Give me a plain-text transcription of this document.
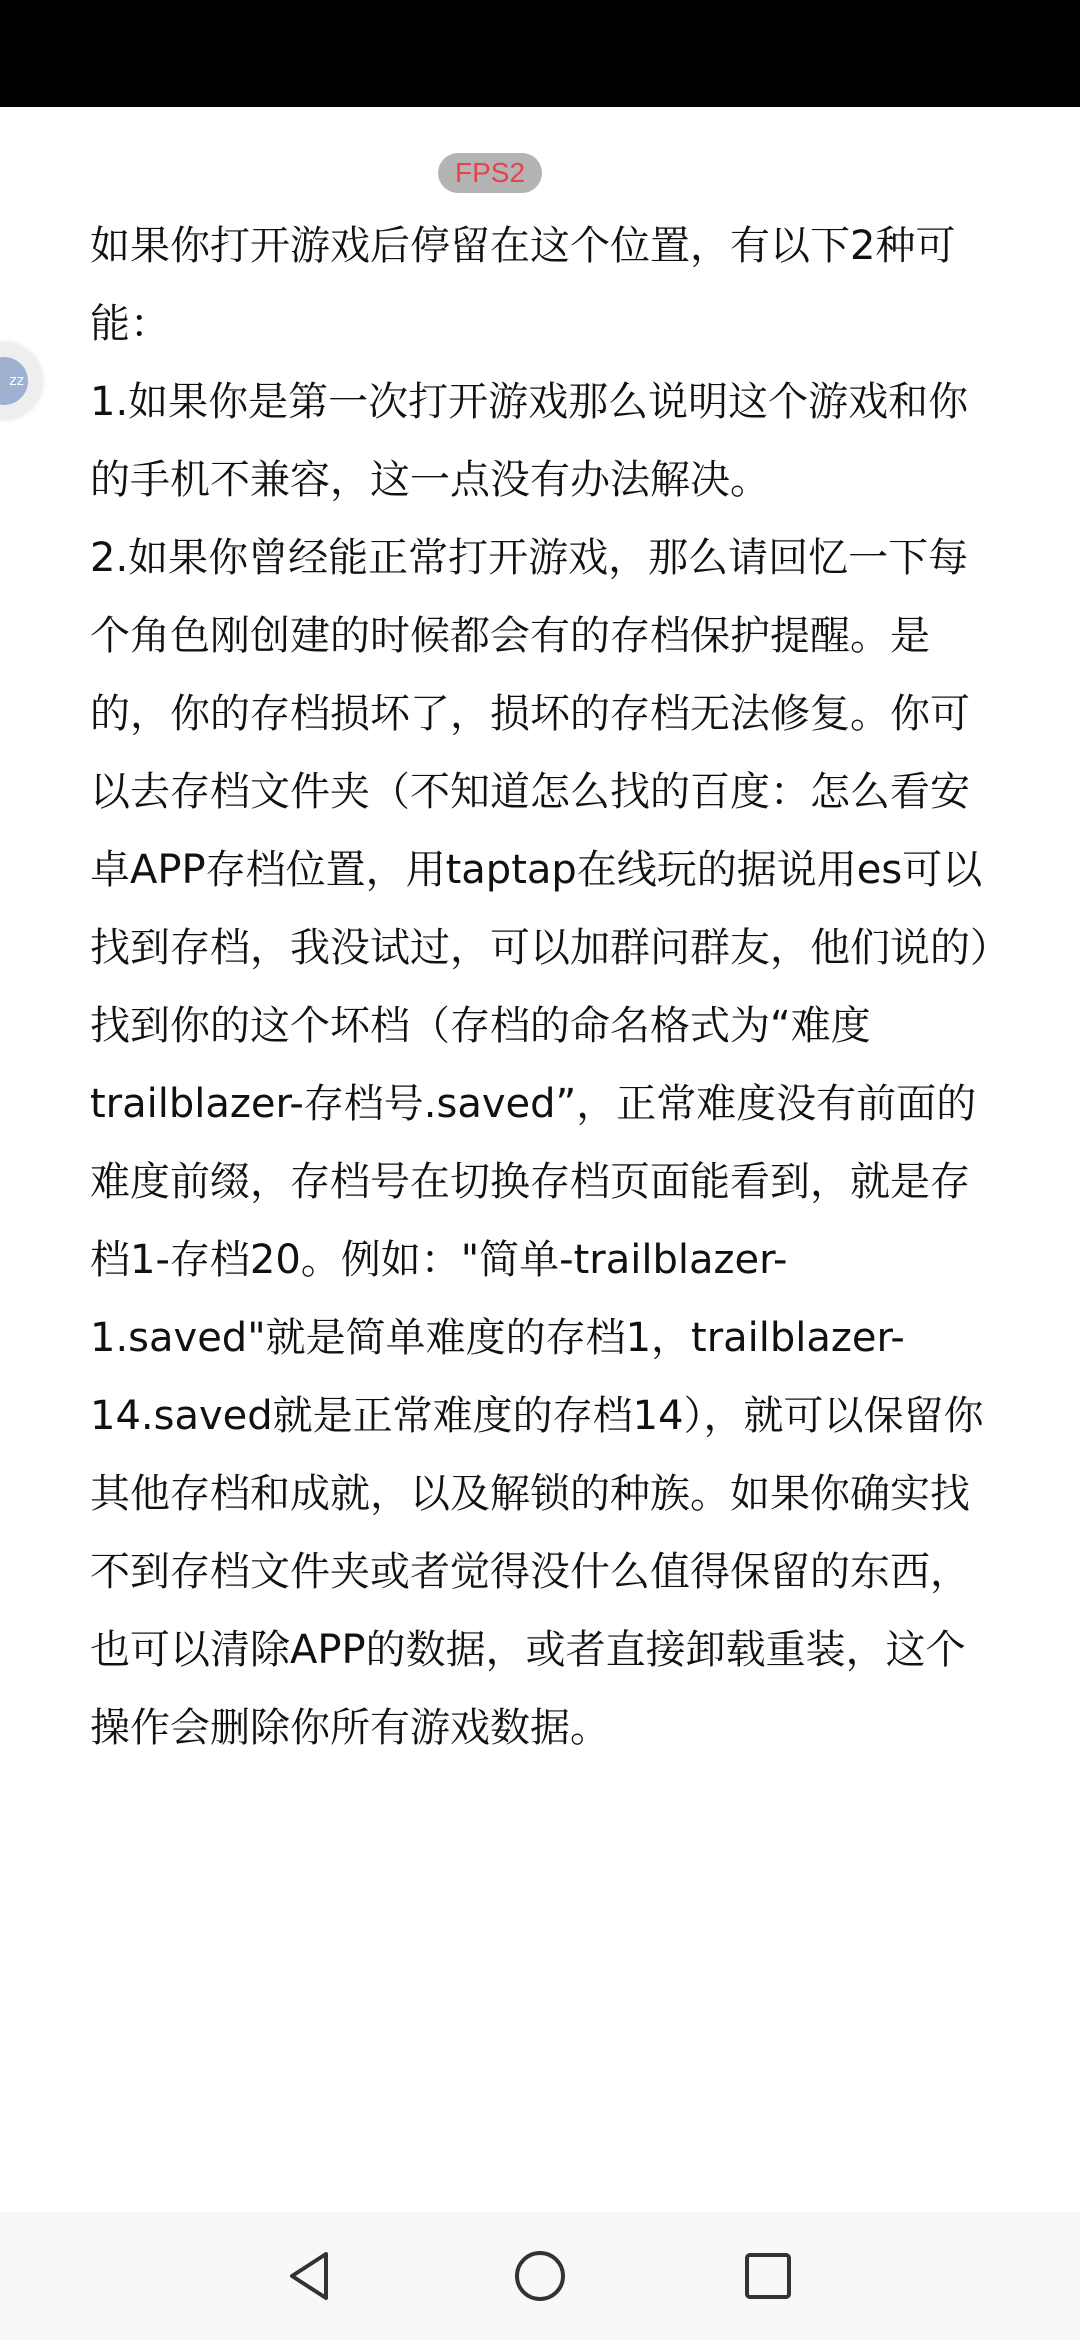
FPS2
zz

如果你打开游戏后停留在这个位置，有以下2种可能：

1.如果你是第一次打开游戏那么说明这个游戏和你的手机不兼容，这一点没有办法解决。

2.如果你曾经能正常打开游戏，那么请回忆一下每个角色刚创建的时候都会有的存档保护提醒。是的，你的存档损坏了，损坏的存档无法修复。你可以去存档文件夹（不知道怎么找的百度：怎么看安卓APP存档位置，用taptap在线玩的据说用es可以找到存档，我没试过，可以加群问群友，他们说的）找到你的这个坏档（存档的命名格式为“难度trailblazer-存档号.saved”，正常难度没有前面的难度前缀，存档号在切换存档页面能看到，就是存档1-存档20。例如："简单-trailblazer-1.saved"就是简单难度的存档1，trailblazer-14.saved就是正常难度的存档14），就可以保留你其他存档和成就，以及解锁的种族。如果你确实找不到存档文件夹或者觉得没什么值得保留的东西，也可以清除APP的数据，或者直接卸载重装，这个操作会删除你所有游戏数据。
